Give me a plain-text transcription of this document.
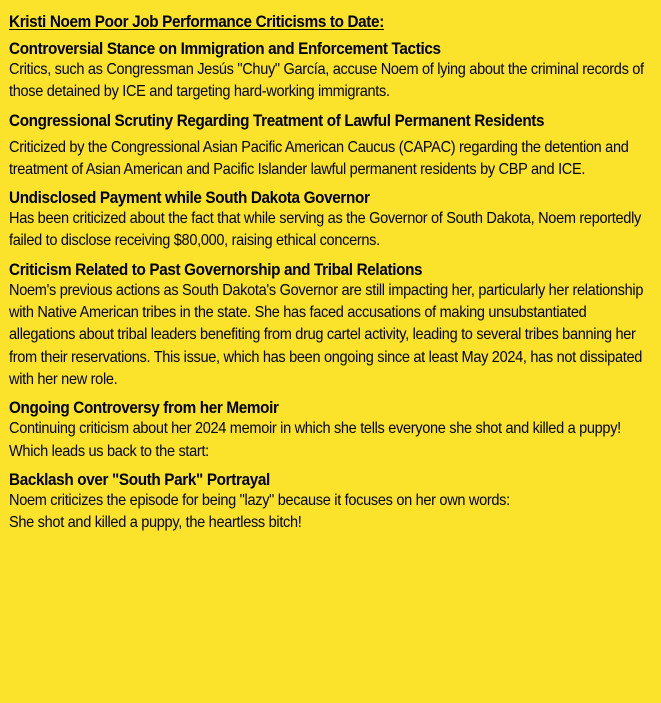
Kristi Noem Poor Job Performance Criticisms to Date:
Controversial Stance on Immigration and Enforcement Tactics
Critics, such as Congressman Jesús "Chuy" García, accuse Noem of lying about the criminal records of those detained by ICE and targeting hard-working immigrants.
Congressional Scrutiny Regarding Treatment of Lawful Permanent Residents
Criticized by the Congressional Asian Pacific American Caucus (CAPAC) regarding the detention and treatment of Asian American and Pacific Islander lawful permanent residents by CBP and ICE.
Undisclosed Payment while South Dakota Governor
Has been criticized about the fact that while serving as the Governor of South Dakota, Noem reportedly failed to disclose receiving $80,000, raising ethical concerns.
Criticism Related to Past Governorship and Tribal Relations
Noem's previous actions as South Dakota's Governor are still impacting her, particularly her relationship with Native American tribes in the state. She has faced accusations of making unsubstantiated allegations about tribal leaders benefiting from drug cartel activity, leading to several tribes banning her from their reservations. This issue, which has been ongoing since at least May 2024, has not dissipated with her new role.
Ongoing Controversy from her Memoir
Continuing criticism about her 2024 memoir in which she tells everyone she shot and killed a puppy! Which leads us back to the start:
Backlash over "South Park" Portrayal

Noem criticizes the episode for being "lazy" because it focuses on her own words:

She shot and killed a puppy, the heartless bitch!
